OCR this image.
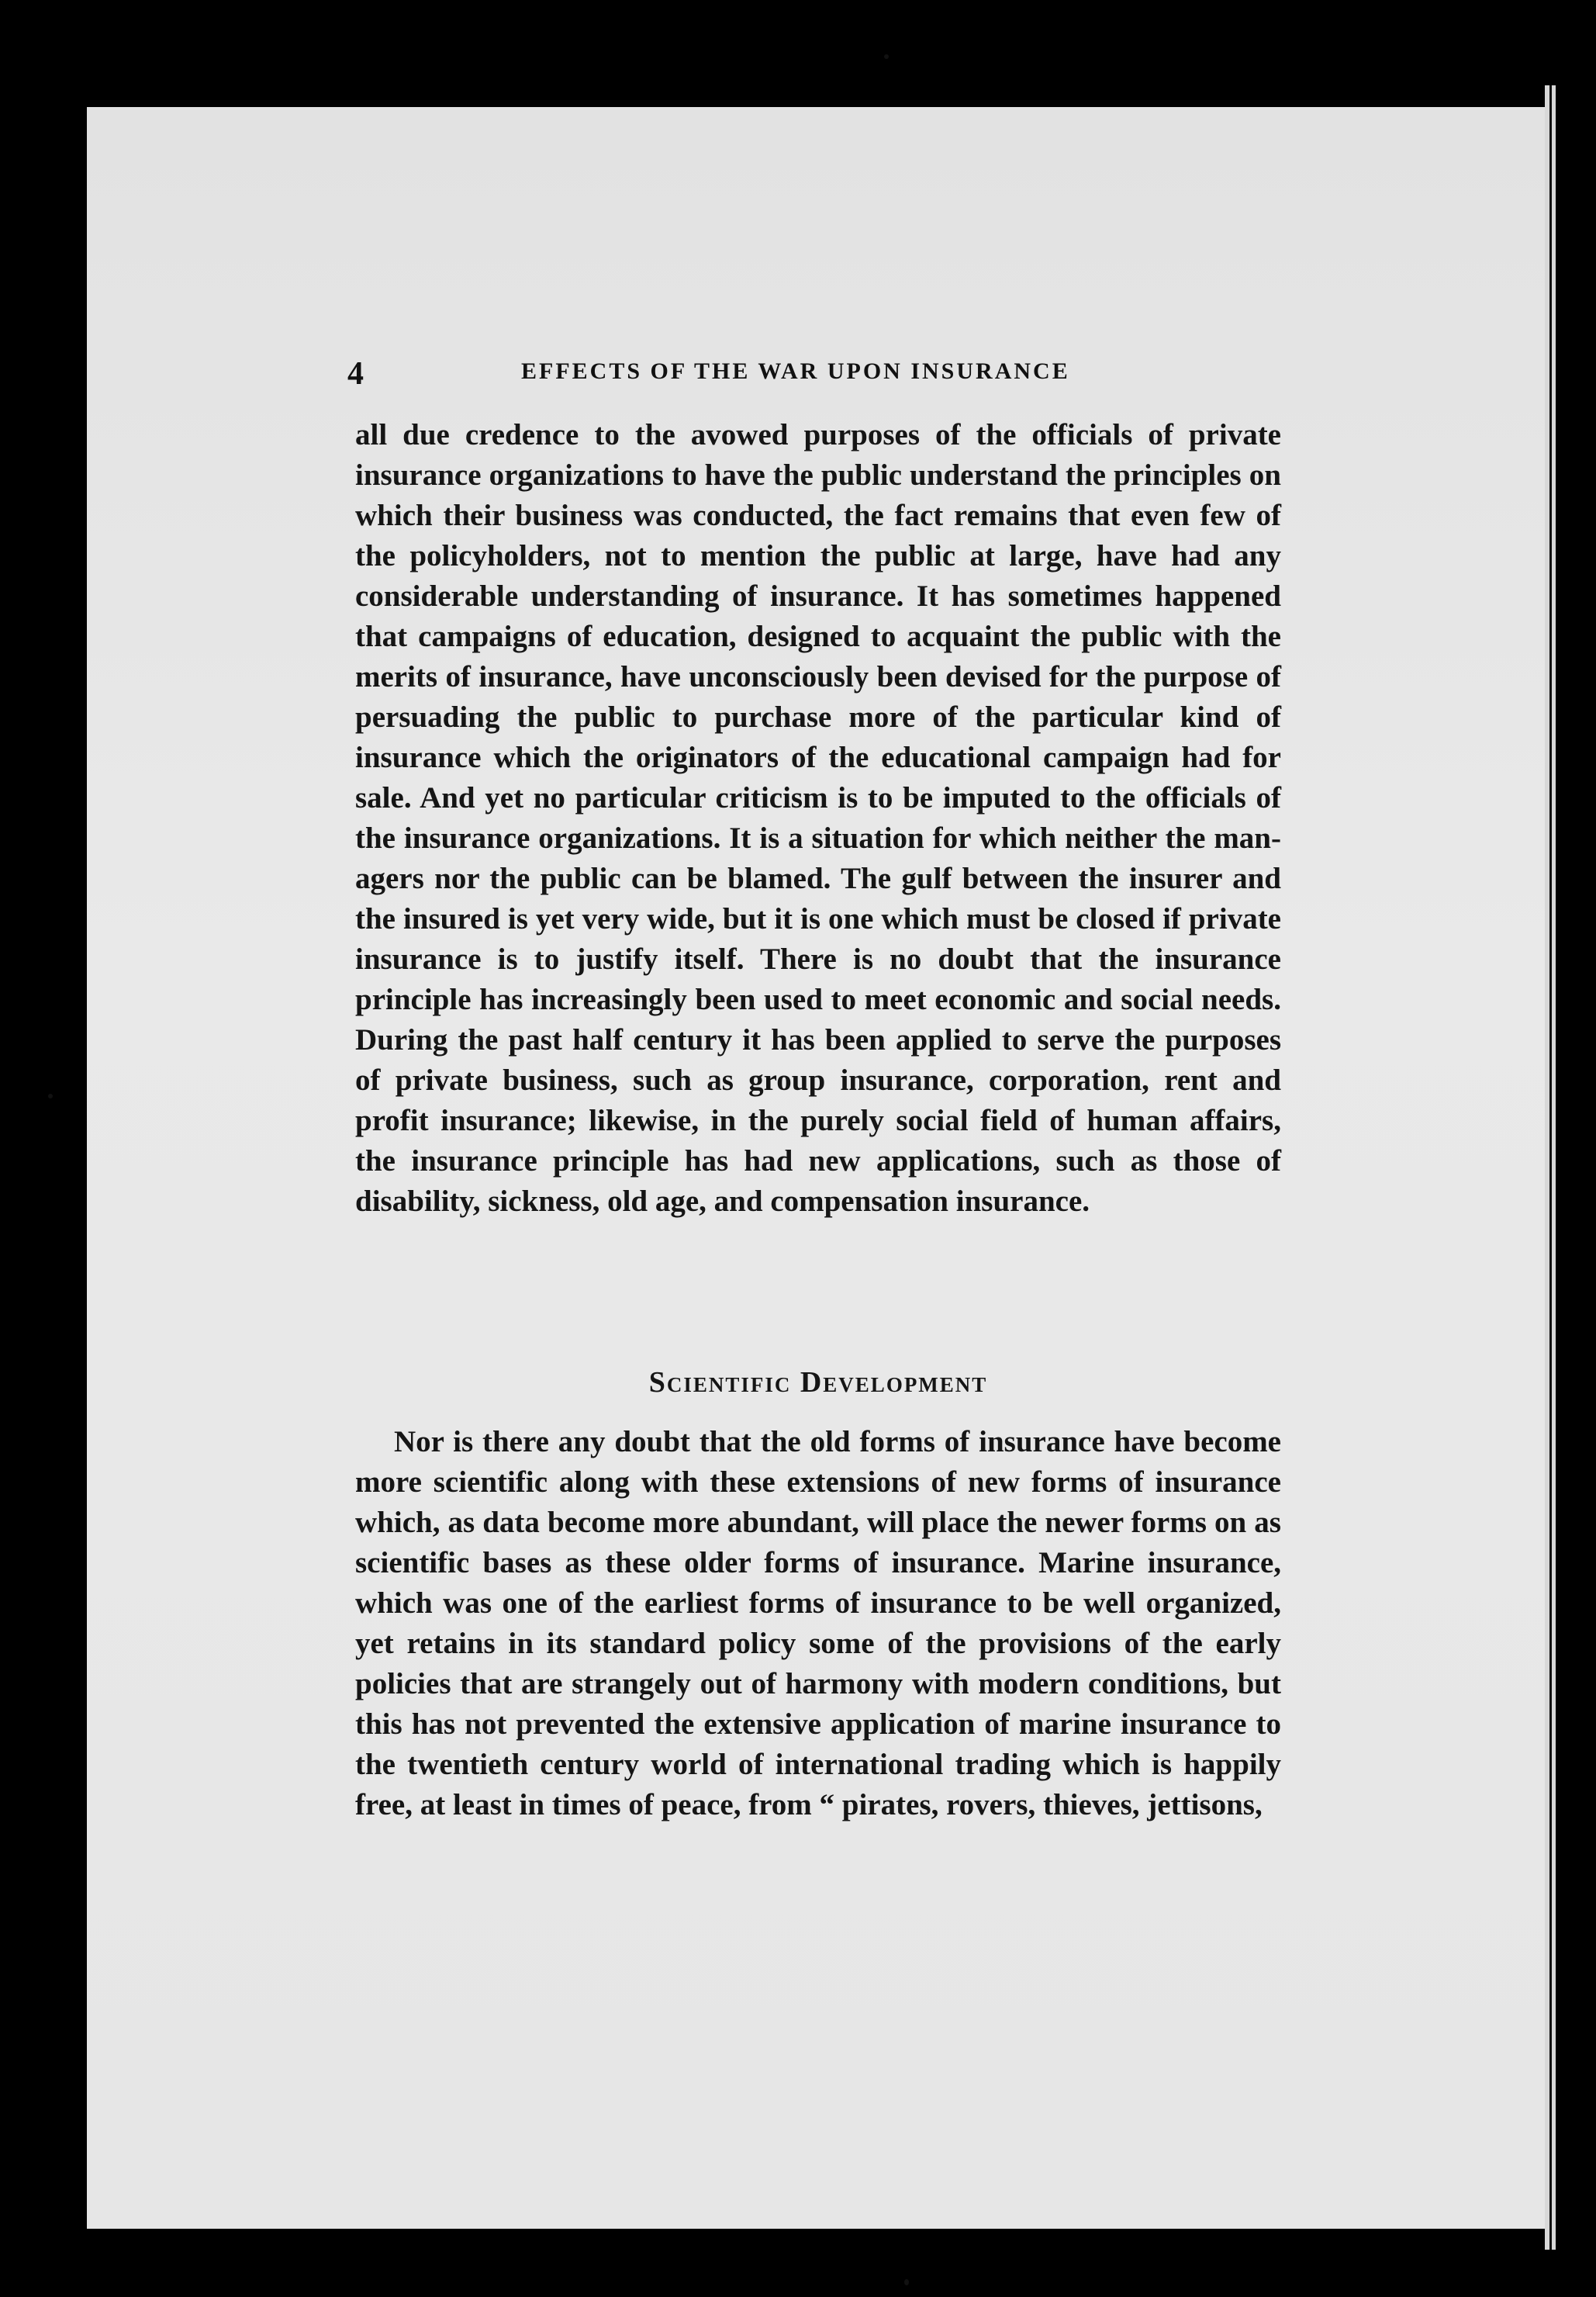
4	EFFECTS OF THE WAR UPON INSURANCE
all due credence to the avowed purposes of the officials of private insurance organizations to have the public understand the principles on which their business was conducted, the fact remains that even few of the policyholders, not to mention the public at large, have had any considerable understanding of insurance. It has sometimes happened that campaigns of education, designed to acquaint the public with the merits of insurance, have unconsciously been devised for the purpose of persuading the public to purchase more of the particular kind of insurance which the originators of the educational campaign had for sale. And yet no particular criticism is to be imputed to the officials of the insurance organizations. It is a situation for which neither the managers nor the public can be blamed. The gulf between the insurer and the insured is yet very wide, but it is one which must be closed if private insurance is to justify itself. There is no doubt that the insurance principle has increasingly been used to meet economic and social needs. During the past half century it has been applied to serve the purposes of private business, such as group insurance, corporation, rent and profit insurance; likewise, in the purely social field of human affairs, the insurance principle has had new applications, such as those of disability, sickness, old age, and compensation insurance.
Scientific Development
Nor is there any doubt that the old forms of insurance have become more scientific along with these extensions of new forms of insurance which, as data become more abundant, will place the newer forms on as scientific bases as these older forms of insurance. Marine insurance, which was one of the earliest forms of insurance to be well organized, yet retains in its standard policy some of the provisions of the early policies that are strangely out of harmony with modern conditions, but this has not prevented the extensive application of marine insurance to the twentieth century world of international trading which is happily free, at least in times of peace, from “ pirates, rovers, thieves, jettisons,
